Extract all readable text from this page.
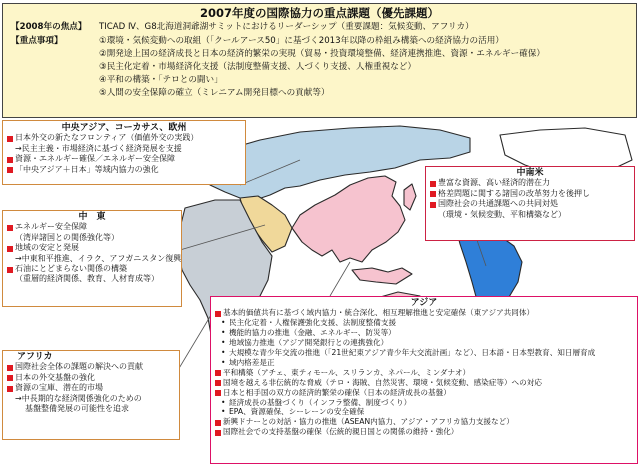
2007年度の国際協力の重点課題（優先課題）
【2008年の焦点】 TICAD Ⅳ、G8北海道洞爺湖サミットにおけるリーダーシップ（重要課題：気候変動、アフリカ）
【重点事項】	①環境・気候変動への取組（「クールアース50」に基づく2013年以降の枠組み構築への経済協力の活用）
②開発途上国の経済成長と日本の経済的繁栄の実現（貿易・投資環境整備、経済連携推進、資源・エネルギー確保）
③民主化定着・市場経済化支援（法制度整備支援、人づくり支援、人権重視など）
④平和の構築・「テロとの闘い」
⑤人間の安全保障の確立（ミレニアム開発目標への貢献等）
中央アジア、コーカサス、欧州
日本外交の新たなフロンティア（価値外交の実践）
→民主主義・市場経済に基づく経済発展を支援
資源・エネルギー確保／エネルギー安全保障
「中央アジア＋日本」等域内協力の強化
中　東
エネルギー安全保障
（湾岸諸国との関係強化等）
地域の安定と発展
→中東和平推進、イラク、アフガニスタン復興
石油にとどまらない関係の構築
（重層的経済関係、教育、人材育成等）
アフリカ
国際社会全体の課題の解決への貢献
日本の外交基盤の強化
資源の宝庫、潜在的市場
→中長期的な経済関係強化のための
基盤整備発展の可能性を追求
中南米
豊富な資源、高い経済的潜在力
格差問題に関する諸国の改革努力を後押し
国際社会の共通課題への共同対処
（環境・気候変動、平和構築など）
アジア
基本的価値共有に基づく域内協力・統合深化、相互理解推進と安定確保（東アジア共同体）
• 民主化定着・人権保護強化支援、法制度整備支援
• 機能的協力の推進（金融、エネルギー、防災等）
• 地域協力推進（アジア開発銀行との連携強化）
• 大規模な青少年交流の推進（「21世紀東アジア青少年大交流計画」など）、日本語・日本型教育、知日層育成
• 域内格差是正
平和構築（アチェ、東ティモール、スリランカ、ネパール、ミンダナオ）
国境を越える非伝統的な脅威（テロ・海賊、自然災害、環境・気候変動、感染症等）への対応
日本と相手国の双方の経済的繁栄の確保（日本の経済成長の基盤）
• 経済成長の基盤づくり（インフラ整備、制度づくり）
• EPA、資源確保、シーレーンの安全確保
新興ドナーとの対話・協力の推進（ASEAN内協力、アジア・アフリカ協力支援など）
国際社会での支持基盤の確保（伝統的親日国との関係の維持・強化）
